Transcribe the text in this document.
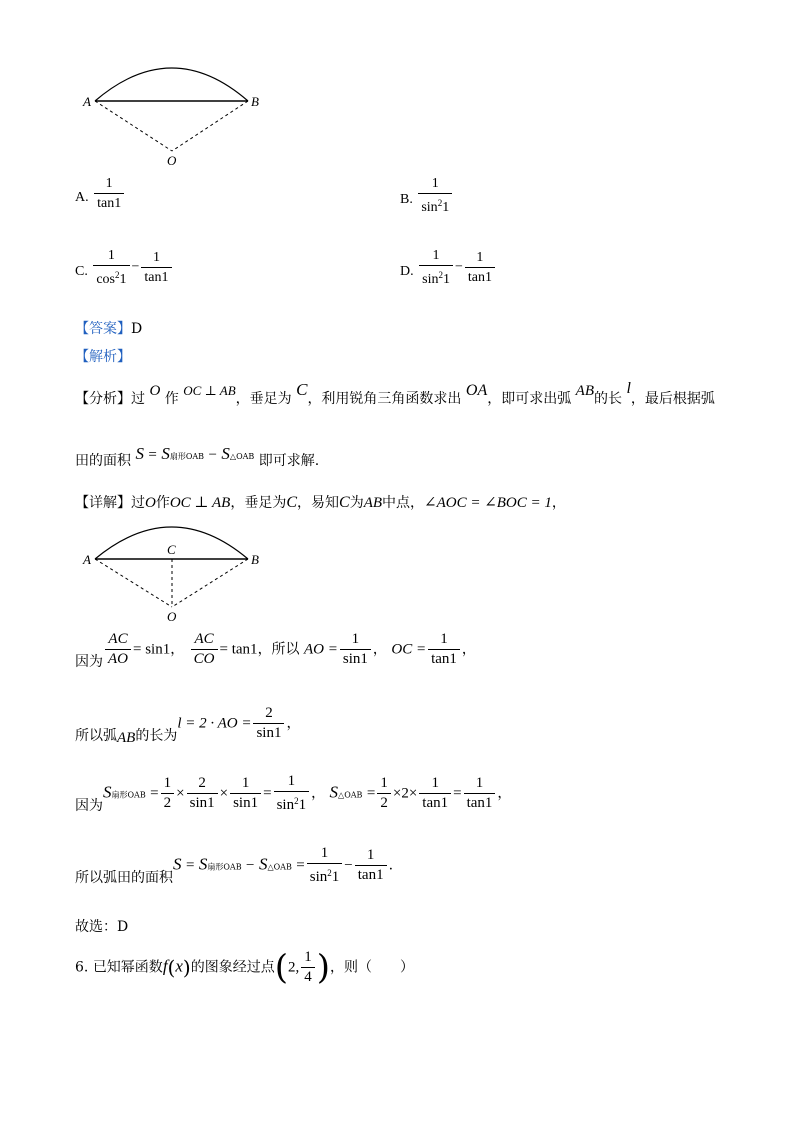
A	B
O
A. $\frac{1}{\tan 1}$	B. $\frac{1}{\sin^21}$
C. $\frac{1}{\cos^21} - \frac{1}{\tan 1}$	D. $\frac{1}{\sin^21} - \frac{1}{\tan 1}$
【答案】D
【解析】
【分析】过 O 作 OC ⊥ AB，垂足为 C，利用锐角三角函数求出 OA，即可求出弧 AB的长 l，最后根据弧
田的面积 S = S扇形OAB − S△OAB 即可求解.
【详解】过O作OC ⊥ AB，垂足为C，易知C为AB中点，∠AOC = ∠BOC = 1，
A	B
C
O
因为 $\frac{AC}{AO} = \sin 1$， $\frac{AC}{CO} = \tan 1$，所以 AO = $\frac{1}{\sin 1}$ ， OC = $\frac{1}{\tan 1}$ ，
所以弧AB的长为l = 2 · AO = $\frac{2}{\sin 1}$ ，
因为S扇形OAB = $\frac{1}{2} \times \frac{2}{\sin 1} \times \frac{1}{\sin 1} = \frac{1}{\sin^21}$ ， S△OAB = $\frac{1}{2} \times 2\times \frac{1}{\tan 1} = \frac{1}{\tan 1}$ ，
所以弧田的面积S = S扇形OAB − S△OAB = $\frac{1}{\sin^21} - \frac{1}{\tan 1}$ .
故选：D
6. 已知幂函数f(x)的图象经过点(2, $\frac{1}{4}$ )，则（　　）
